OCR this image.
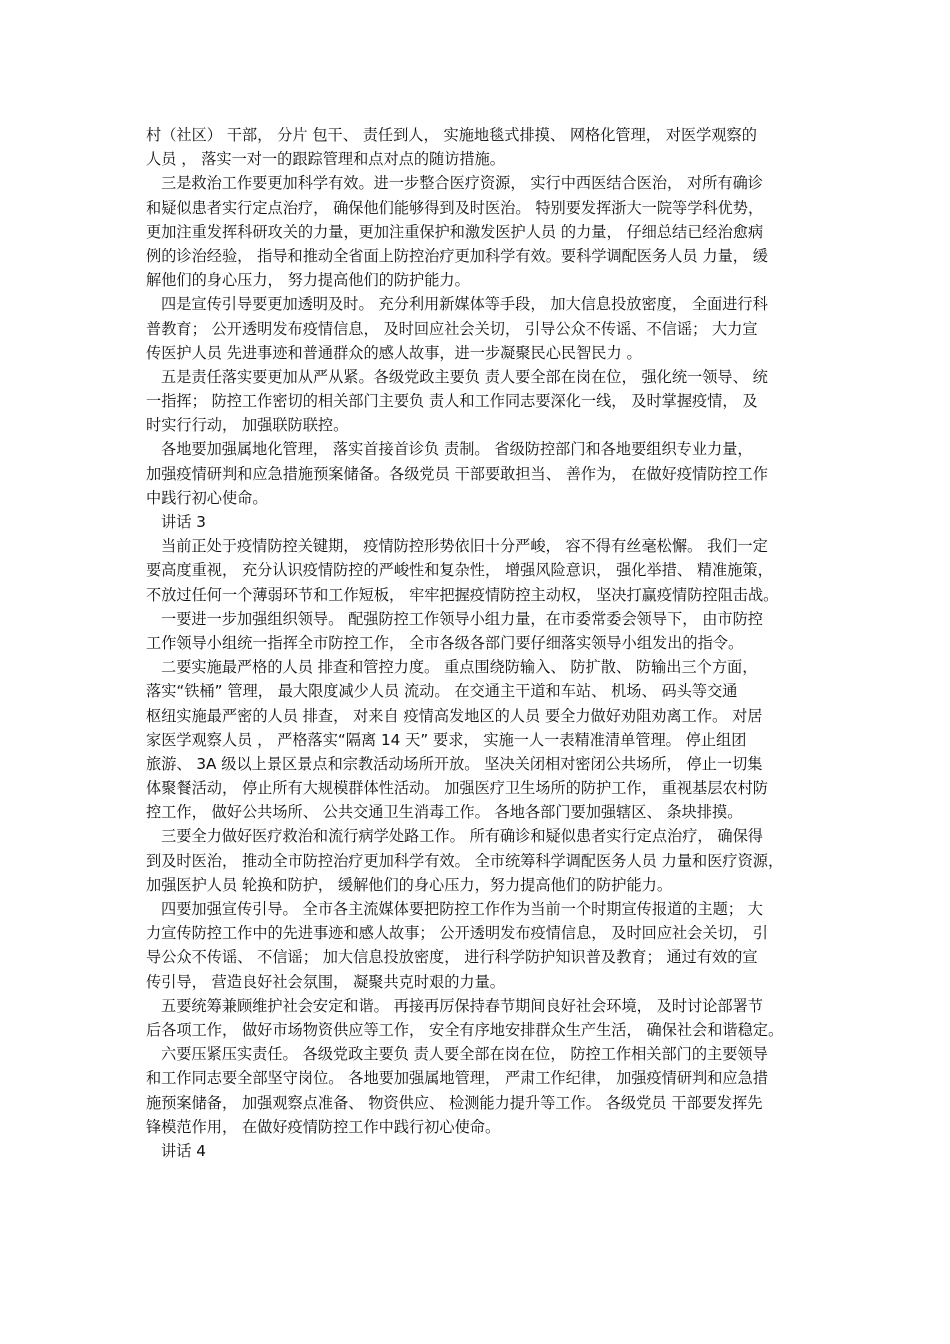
村（社区） 干部， 分片 包干、 责任到人， 实施地毯式排摸、 网格化管理， 对医学观察的
人员 ， 落实一对一的跟踪管理和点对点的随访措施。
三是救治工作要更加科学有效。进一步整合医疗资源， 实行中西医结合医治， 对所有确诊
和疑似患者实行定点治疗， 确保他们能够得到及时医治。 特别要发挥浙大一院等学科优势，
更加注重发挥科研攻关的力量，更加注重保护和激发医护人员 的力量， 仔细总结已经治愈病
例的诊治经验， 指导和推动全省面上防控治疗更加科学有效。要科学调配医务人员 力量， 缓
解他们的身心压力， 努力提高他们的防护能力。
四是宣传引导要更加透明及时。 充分利用新媒体等手段， 加大信息投放密度， 全面进行科
普教育； 公开透明发布疫情信息， 及时回应社会关切， 引导公众不传谣、不信谣； 大力宣
传医护人员 先进事迹和普通群众的感人故事，进一步凝聚民心民智民力 。
五是责任落实要更加从严从紧。各级党政主要负 责人要全部在岗在位， 强化统一领导、 统
一指挥； 防控工作密切的相关部门主要负 责人和工作同志要深化一线， 及时掌握疫情， 及
时实行行动， 加强联防联控。
各地要加强属地化管理， 落实首接首诊负 责制。 省级防控部门和各地要组织专业力量，
加强疫情研判和应急措施预案储备。各级党员 干部要敢担当、 善作为， 在做好疫情防控工作
中践行初心使命。
讲话 3
当前正处于疫情防控关键期， 疫情防控形势依旧十分严峻， 容不得有丝毫松懈。 我们一定
要高度重视， 充分认识疫情防控的严峻性和复杂性， 增强风险意识， 强化举措、 精准施策，
不放过任何一个薄弱环节和工作短板， 牢牢把握疫情防控主动权， 坚决打赢疫情防控阻击战。
一要进一步加强组织领导。 配强防控工作领导小组力量，在市委常委会领导下， 由市防控
工作领导小组统一指挥全市防控工作， 全市各级各部门要仔细落实领导小组发出的指令。
二要实施最严格的人员 排查和管控力度。 重点围绕防输入、 防扩散、 防输出三个方面，
落实“铁桶” 管理， 最大限度减少人员 流动。 在交通主干道和车站、 机场、 码头等交通
枢纽实施最严密的人员 排查， 对来自 疫情高发地区的人员 要全力做好劝阻劝离工作。 对居
家医学观察人员 ， 严格落实“隔离 14 天” 要求， 实施一人一表精准清单管理。 停止组团
旅游、 3A 级以上景区景点和宗教活动场所开放。 坚决关闭相对密闭公共场所， 停止一切集
体聚餐活动， 停止所有大规模群体性活动。 加强医疗卫生场所的防护工作， 重视基层农村防
控工作， 做好公共场所、 公共交通卫生消毒工作。 各地各部门要加强辖区、 条块排摸。
三要全力做好医疗救治和流行病学处路工作。 所有确诊和疑似患者实行定点治疗， 确保得
到及时医治， 推动全市防控治疗更加科学有效。 全市统筹科学调配医务人员 力量和医疗资源，
加强医护人员 轮换和防护， 缓解他们的身心压力，努力提高他们的防护能力。
四要加强宣传引导。 全市各主流媒体要把防控工作作为当前一个时期宣传报道的主题； 大
力宣传防控工作中的先进事迹和感人故事； 公开透明发布疫情信息， 及时回应社会关切， 引
导公众不传谣、 不信谣； 加大信息投放密度， 进行科学防护知识普及教育； 通过有效的宣
传引导， 营造良好社会氛围， 凝聚共克时艰的力量。
五要统筹兼顾维护社会安定和谐。 再接再厉保持春节期间良好社会环境， 及时讨论部署节
后各项工作， 做好市场物资供应等工作， 安全有序地安排群众生产生活， 确保社会和谐稳定。
六要压紧压实责任。 各级党政主要负 责人要全部在岗在位， 防控工作相关部门的主要领导
和工作同志要全部坚守岗位。 各地要加强属地管理， 严肃工作纪律， 加强疫情研判和应急措
施预案储备， 加强观察点准备、 物资供应、 检测能力提升等工作。 各级党员 干部要发挥先
锋模范作用， 在做好疫情防控工作中践行初心使命。
讲话 4
